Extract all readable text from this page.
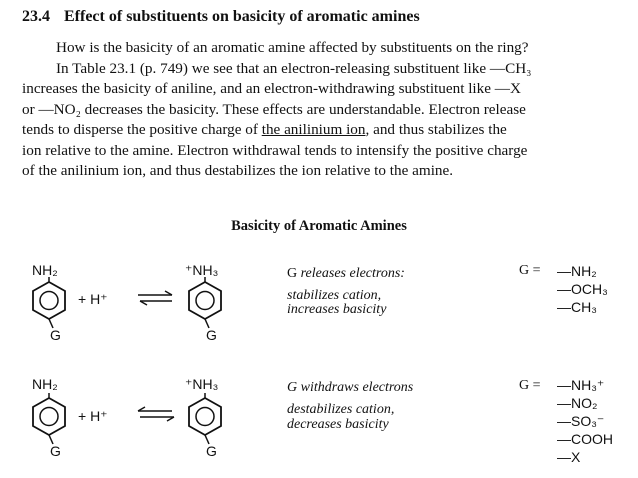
23.4 Effect of substituents on basicity of aromatic amines
How is the basicity of an aromatic amine affected by substituents on the ring?
In Table 23.1 (p. 749) we see that an electron-releasing substituent like —CH₃
increases the basicity of aniline, and an electron-withdrawing substituent like —X
or —NO₂ decreases the basicity. These effects are understandable. Electron release
tends to disperse the positive charge of the anilinium ion, and thus stabilizes the
ion relative to the amine. Electron withdrawal tends to intensify the positive charge
of the anilinium ion, and thus destabilizes the ion relative to the amine.
Basicity of Aromatic Amines
NH₂
G
+ H⁺
⁺NH₃
G
G releases electrons:
stabilizes cation,
increases basicity
G = —NH₂
—OCH₃
—CH₃
NH₂
G
+ H⁺
⁺NH₃
G
G withdraws electrons
destabilizes cation,
decreases basicity
G = —NH₃⁺
—NO₂
—SO₃⁻
—COOH
—X
